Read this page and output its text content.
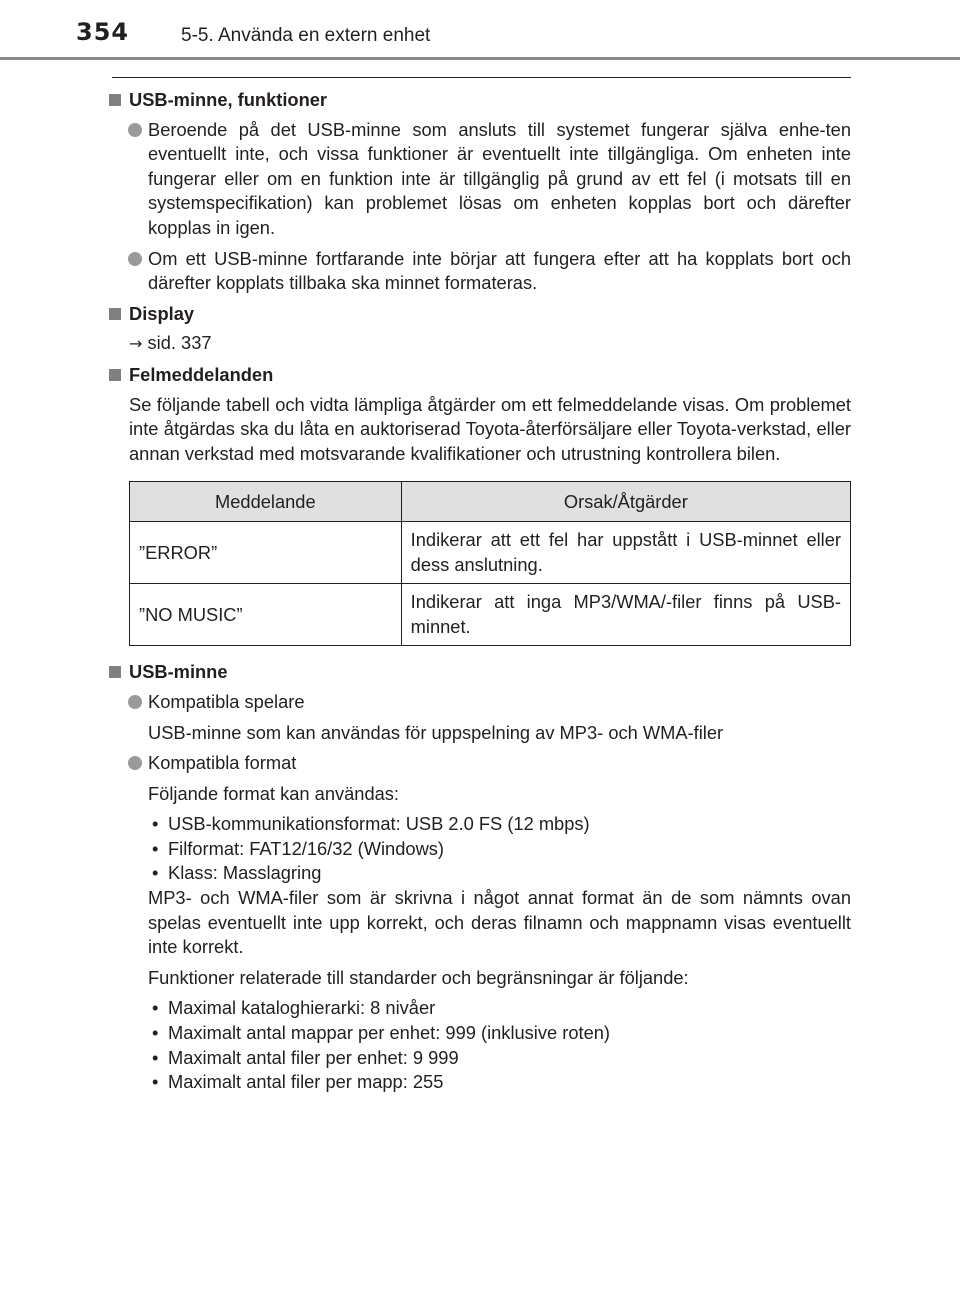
354	5-5. Använda en extern enhet
USB-minne, funktioner
Beroende på det USB-minne som ansluts till systemet fungerar själva enhe-ten eventuellt inte, och vissa funktioner är eventuellt inte tillgängliga. Om enheten inte fungerar eller om en funktion inte är tillgänglig på grund av ett fel (i motsats till en systemspecifikation) kan problemet lösas om enheten kopplas bort och därefter kopplas in igen.
Om ett USB-minne fortfarande inte börjar att fungera efter att ha kopplats bort och därefter kopplats tillbaka ska minnet formateras.
Display
→ sid. 337
Felmeddelanden
Se följande tabell och vidta lämpliga åtgärder om ett felmeddelande visas. Om problemet inte åtgärdas ska du låta en auktoriserad Toyota-återförsäljare eller Toyota-verkstad, eller annan verkstad med motsvarande kvalifikationer och utrustning kontrollera bilen.
Meddelande	Orsak/Åtgärder
”ERROR”	Indikerar att ett fel har uppstått i USB-minnet eller dess anslutning.
”NO MUSIC”	Indikerar att inga MP3/WMA/-filer finns på USB-minnet.
USB-minne
Kompatibla spelare
USB-minne som kan användas för uppspelning av MP3- och WMA-filer
Kompatibla format
Följande format kan användas:
• USB-kommunikationsformat: USB 2.0 FS (12 mbps)
• Filformat: FAT12/16/32 (Windows)
• Klass: Masslagring
MP3- och WMA-filer som är skrivna i något annat format än de som nämnts ovan spelas eventuellt inte upp korrekt, och deras filnamn och mappnamn visas eventuellt inte korrekt.
Funktioner relaterade till standarder och begränsningar är följande:
• Maximal kataloghierarki: 8 nivåer
• Maximalt antal mappar per enhet: 999 (inklusive roten)
• Maximalt antal filer per enhet: 9 999
• Maximalt antal filer per mapp: 255
